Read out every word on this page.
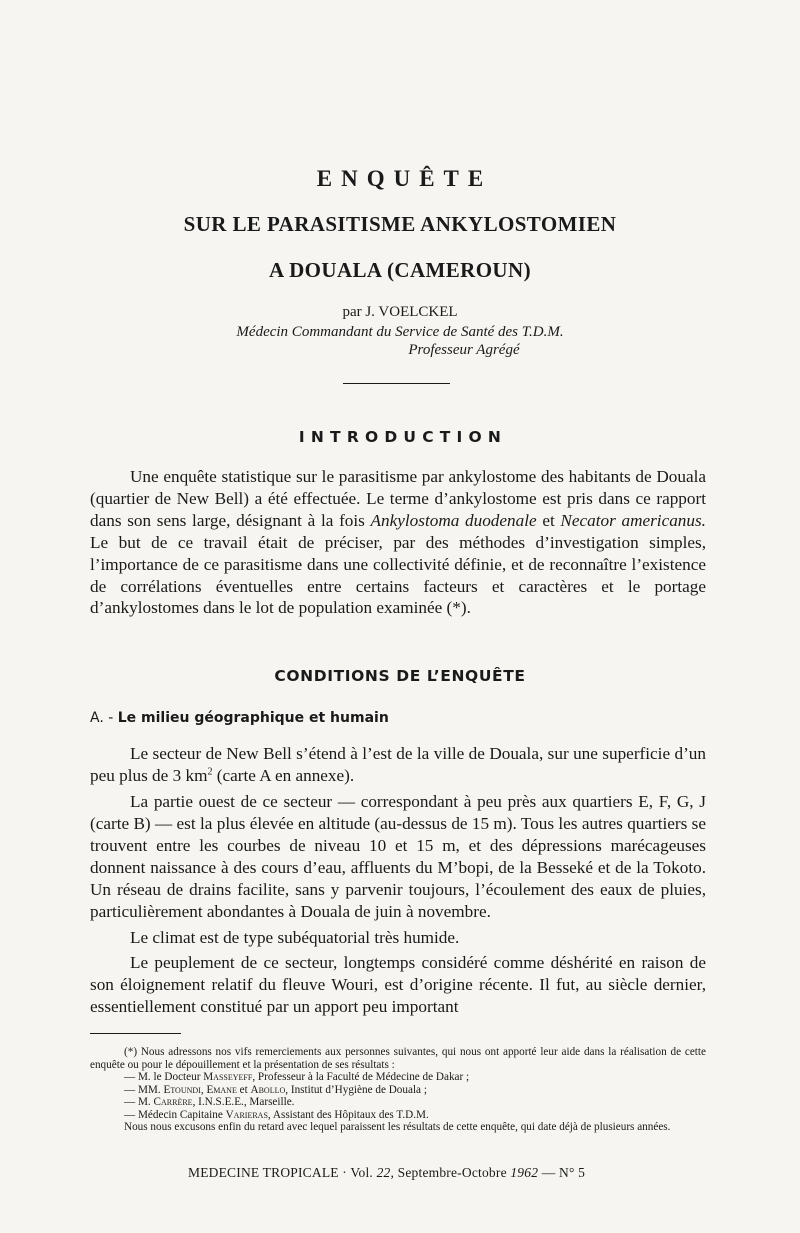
ENQUÊTE
SUR LE PARASITISME ANKYLOSTOMIEN
A DOUALA (CAMEROUN)
par J. VOELCKEL
Médecin Commandant du Service de Santé des T.D.M.
Professeur Agrégé
INTRODUCTION

Une enquête statistique sur le parasitisme par ankylostome des habitants de Douala (quartier de New Bell) a été effectuée. Le terme d’ankylostome est pris dans ce rapport dans son sens large, désignant à la fois Ankylostoma duodenale et Necator americanus. Le but de ce travail était de préciser, par des méthodes d’investigation simples, l’importance de ce parasitisme dans une collectivité définie, et de reconnaître l’existence de corrélations éventuelles entre certains facteurs et caractères et le portage d’ankylostomes dans le lot de population examinée (*).

CONDITIONS DE L’ENQUÊTE
A. - Le milieu géographique et humain

Le secteur de New Bell s’étend à l’est de la ville de Douala, sur une superficie d’un peu plus de 3 $km^2$ (carte A en annexe).

La partie ouest de ce secteur — correspondant à peu près aux quartiers E, F, G, J (carte B) — est la plus élevée en altitude (au-dessus de 15 m). Tous les autres quartiers se trouvent entre les courbes de niveau 10 et 15 m, et des dépressions marécageuses donnent naissance à des cours d’eau, affluents du M’bopi, de la Besseké et de la Tokoto. Un réseau de drains facilite, sans y parvenir toujours, l’écoulement des eaux de pluies, particulièrement abondantes à Douala de juin à novembre.

Le climat est de type subéquatorial très humide.

Le peuplement de ce secteur, longtemps considéré comme déshérité en raison de son éloignement relatif du fleuve Wouri, est d’origine récente. Il fut, au siècle dernier, essentiellement constitué par un apport peu important

(*) Nous adressons nos vifs remerciements aux personnes suivantes, qui nous ont apporté leur aide dans la réalisation de cette enquête ou pour le dépouillement et la présentation de ses résultats :

— M. le Docteur Masseyeff, Professeur à la Faculté de Médecine de Dakar ;

— MM. Etoundi, Emane et Abollo, Institut d’Hygiène de Douala ;

— M. Carrère, I.N.S.E.E., Marseille.

— Médecin Capitaine Varieras, Assistant des Hôpitaux des T.D.M.

Nous nous excusons enfin du retard avec lequel paraissent les résultats de cette enquête, qui date déjà de plusieurs années.

MEDECINE TROPICALE · Vol. 22, Septembre-Octobre 1962 — N° 5
